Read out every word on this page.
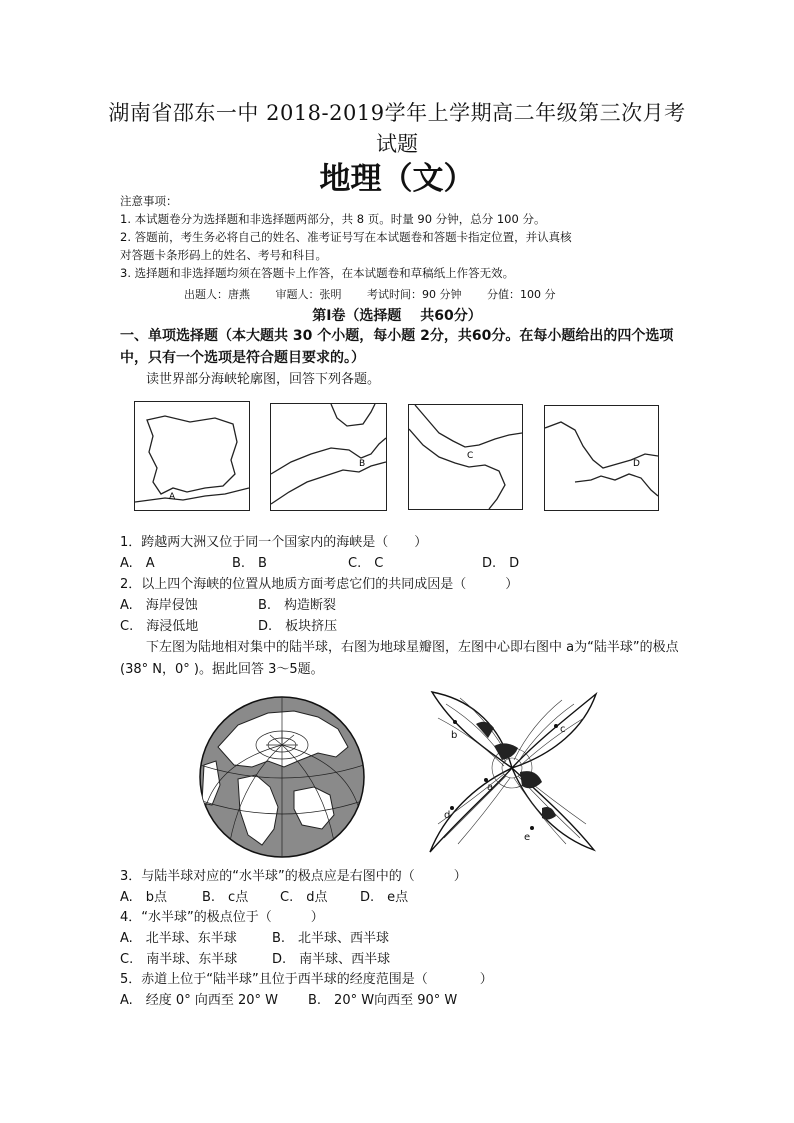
湖南省邵东一中 2018-2019学年上学期高二年级第三次月考
试题
地理（文）
注意事项：
1. 本试题卷分为选择题和非选择题两部分，共 8 页。时量 90 分钟，总分 100 分。
2. 答题前，考生务必将自己的姓名、准考证号写在本试题卷和答题卡指定位置，并认真核
对答题卡条形码上的姓名、考号和科目。
3. 选择题和非选择题均须在答题卡上作答，在本试题卷和草稿纸上作答无效。
出题人：唐燕 审题人：张明 考试时间：90 分钟 分值：100 分
第Ⅰ卷（选择题　 共60分）
一、单项选择题（本大题共 30 个小题，每小题 2分，共60分。在每小题给出的四个选项中，只有一个选项是符合题目要求的。）
读世界部分海峡轮廓图，回答下列各题。
A
B
C
D
1．跨越两大洲又位于同一个国家内的海峡是（　　）
A.　A	B.　B	C.　C	D.　D
2．以上四个海峡的位置从地质方面考虑它们的共同成因是（　　　）
A.　海岸侵蚀	B.　构造断裂
C.　海浸低地	D.　板块挤压
下左图为陆地相对集中的陆半球，右图为地球星瓣图，左图中心即右图中 a为“陆半球”的极点(38° N，0° )。据此回答 3～5题。
b
c
a
d
e
3．与陆半球对应的“水半球”的极点应是右图中的（　　　）
A.　b点	B.　c点 C.　d点	D.　e点
4．“水半球”的极点位于（　　　）
A.　北半球、东半球	B.　北半球、西半球
C.　南半球、东半球	D.　南半球、西半球
5．赤道上位于“陆半球”且位于西半球的经度范围是（　　　　）
A.　经度 0° 向西至 20° W B.　20° W向西至 90° W
